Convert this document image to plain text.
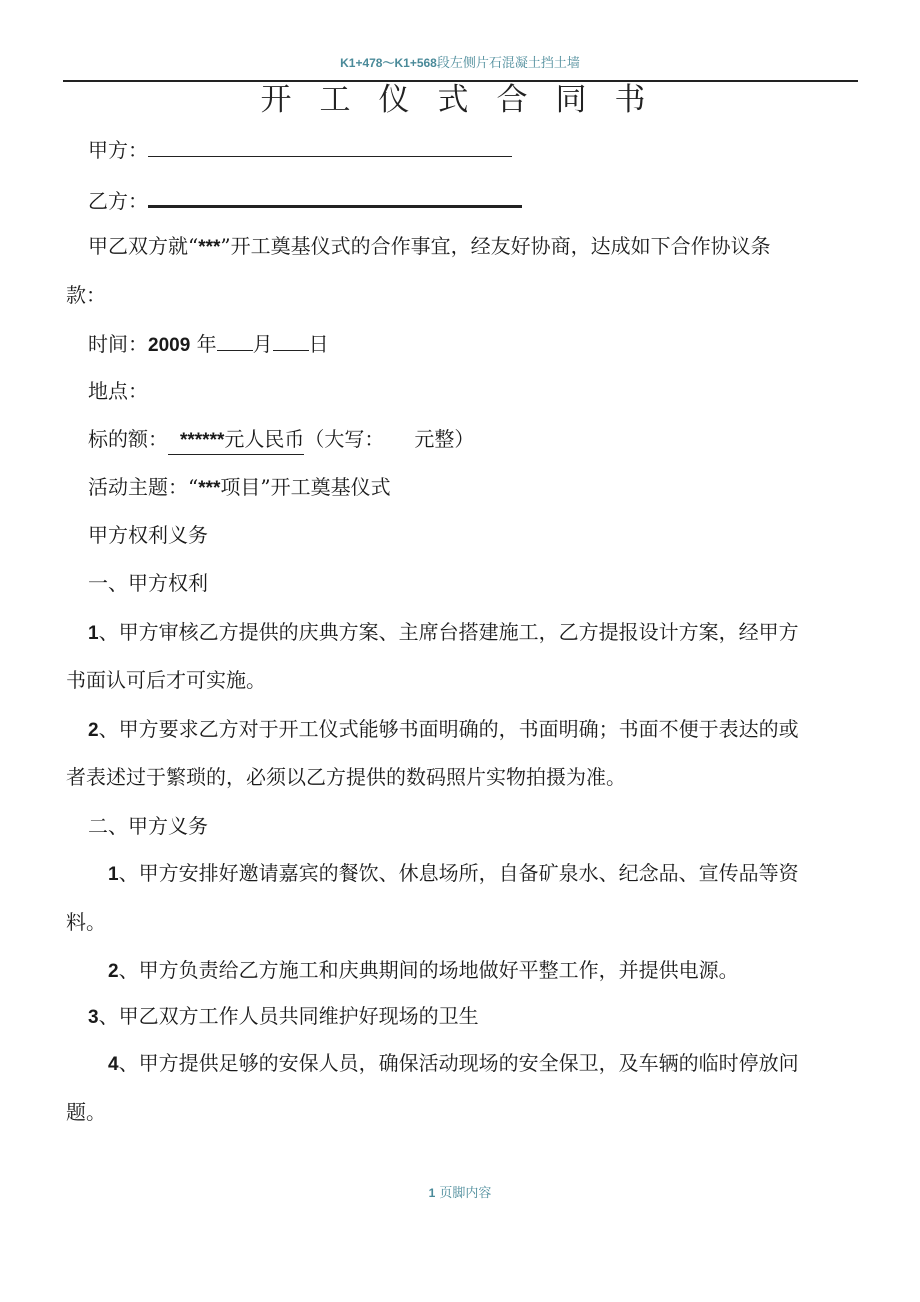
K1+478～K1+568段左侧片石混凝土挡土墙
开工仪式合同书
甲方：
乙方：
甲乙双方就“***”开工奠基仪式的合作事宜，经友好协商，达成如下合作协议条
款：
时间：2009 年 月 日
地点：
标的额： ******元人民币（大写：　　元整）
活动主题：“***项目”开工奠基仪式
甲方权利义务
一、甲方权利
1、甲方审核乙方提供的庆典方案、主席台搭建施工，乙方提报设计方案，经甲方
书面认可后才可实施。
2、甲方要求乙方对于开工仪式能够书面明确的，书面明确；书面不便于表达的或
者表述过于繁琐的，必须以乙方提供的数码照片实物拍摄为准。
二、甲方义务
1、甲方安排好邀请嘉宾的餐饮、休息场所，自备矿泉水、纪念品、宣传品等资
料。
2、甲方负责给乙方施工和庆典期间的场地做好平整工作，并提供电源。
3、甲乙双方工作人员共同维护好现场的卫生
4、甲方提供足够的安保人员，确保活动现场的安全保卫，及车辆的临时停放问
题。
1 页脚内容
